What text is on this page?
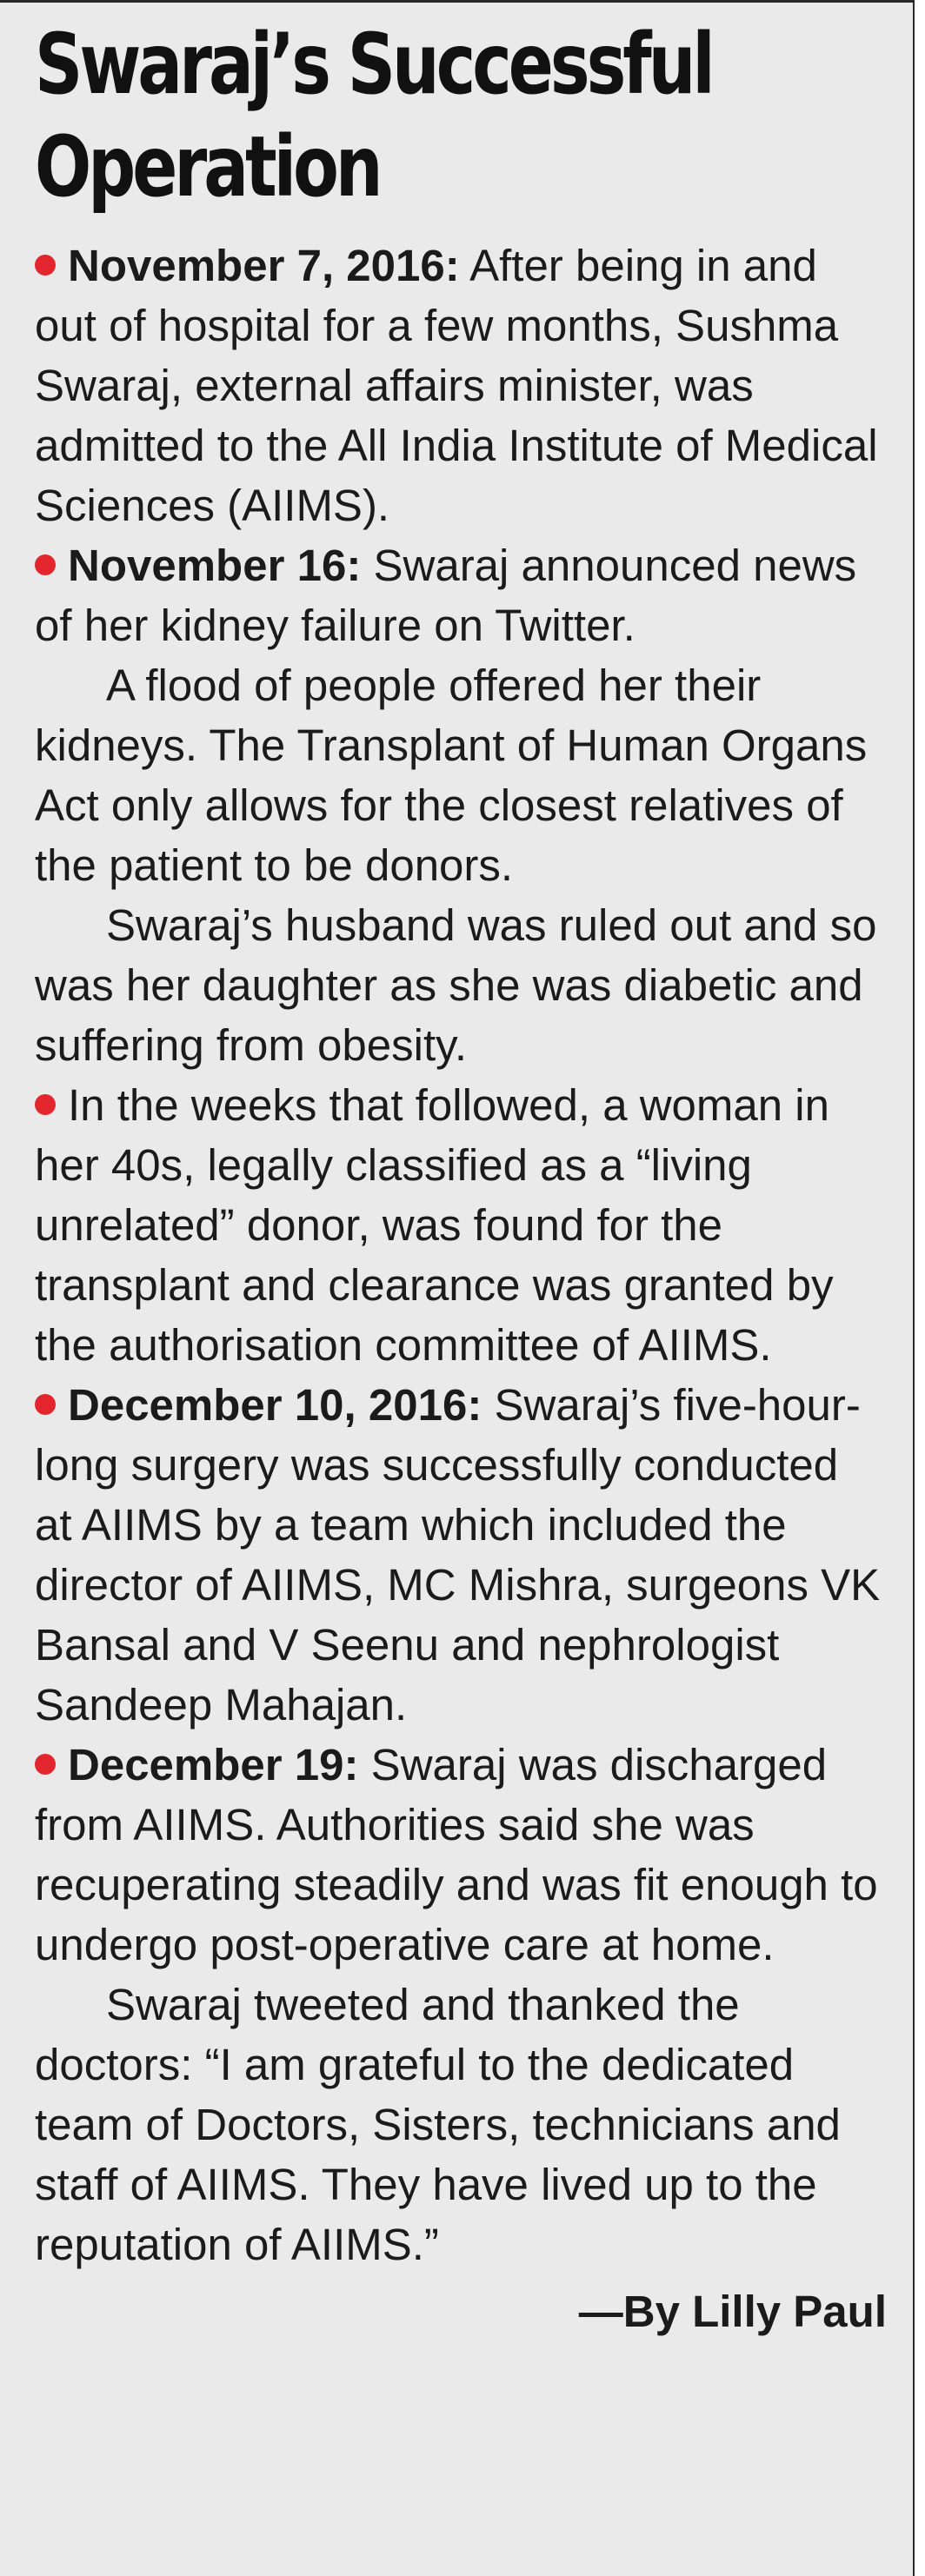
Swaraj’s Successful Operation

November 7, 2016: After being in and out of hospital for a few months, Sushma Swaraj, external affairs minister, was admitted to the All India Institute of Medical Sciences (AIIMS).

November 16: Swaraj announced news of her kidney failure on Twitter.

A flood of people offered her their kidneys. The Transplant of Human Organs Act only allows for the closest relatives of the patient to be donors.

Swaraj’s husband was ruled out and so was her daughter as she was diabetic and suffering from obesity.

In the weeks that followed, a woman in her 40s, legally classified as a “living unrelated” donor, was found for the transplant and clearance was granted by the authorisation committee of AIIMS.

December 10, 2016: Swaraj’s five-hour-long surgery was successfully conducted at AIIMS by a team which included the director of AIIMS, MC Mishra, surgeons VK Bansal and V Seenu and nephrologist Sandeep Mahajan.

December 19: Swaraj was discharged from AIIMS. Authorities said she was recuperating steadily and was fit enough to undergo post-operative care at home.

Swaraj tweeted and thanked the doctors: “I am grateful to the dedicated team of Doctors, Sisters, technicians and staff of AIIMS. They have lived up to the reputation of AIIMS.”

—By Lilly Paul
